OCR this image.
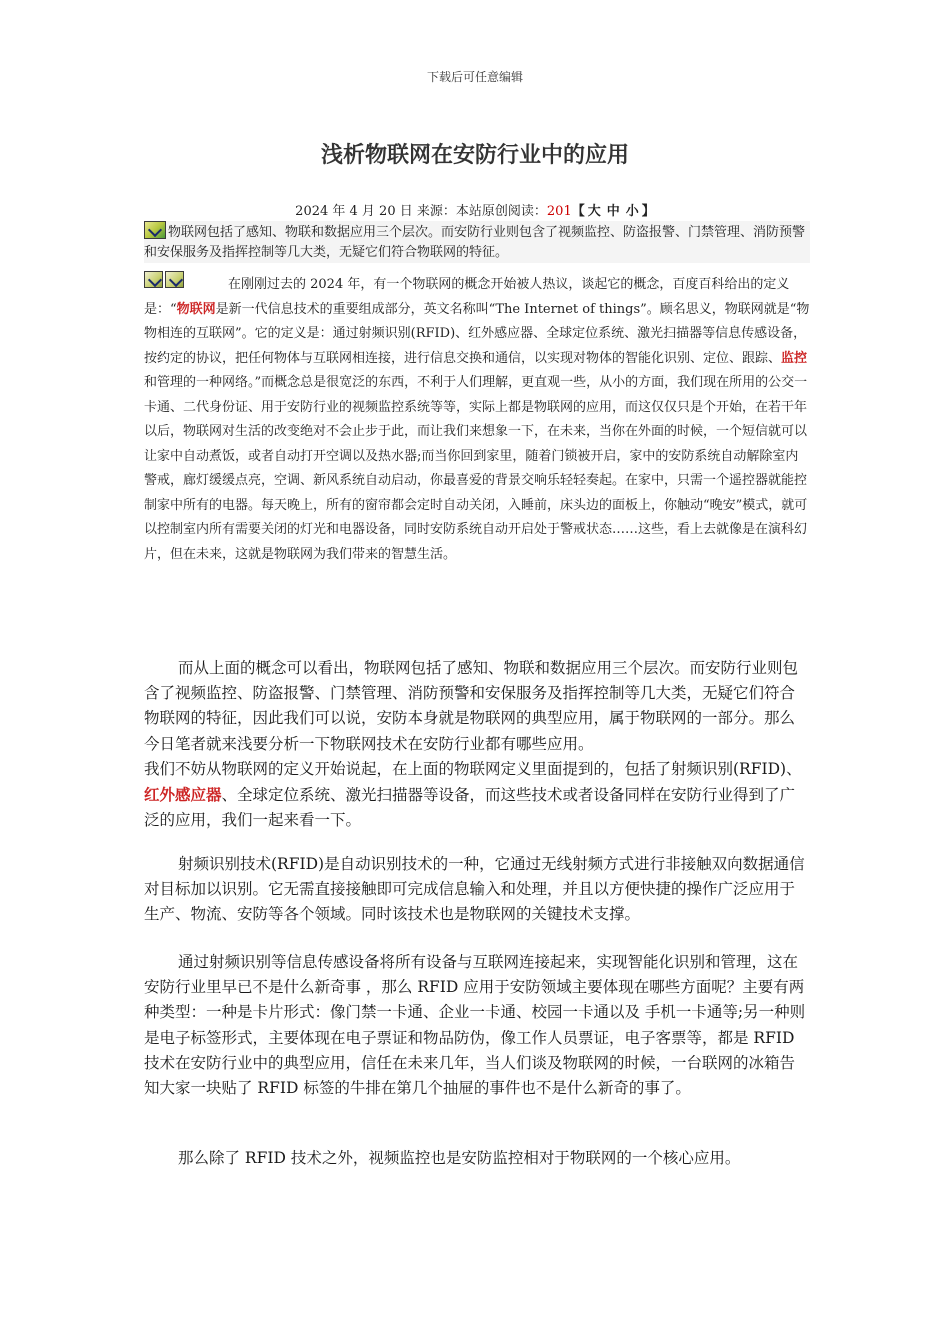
下载后可任意编辑
浅析物联网在安防行业中的应用
2024 年 4 月 20 日 来源：本站原创阅读：201【 大 中 小 】
物联网包括了感知、物联和数据应用三个层次。而安防行业则包含了视频监控、防盗报警、门禁管理、消防预警和安保服务及指挥控制等几大类，无疑它们符合物联网的特征。

在刚刚过去的 2024 年，有一个物联网的概念开始被人热议，谈起它的概念，百度百科给出的定义是：“物联网是新一代信息技术的重要组成部分，英文名称叫“The Internet of things”。顾名思义，物联网就是“物物相连的互联网”。它的定义是：通过射频识别(RFID)、红外感应器、全球定位系统、激光扫描器等信息传感设备，按约定的协议，把任何物体与互联网相连接，进行信息交换和通信，以实现对物体的智能化识别、定位、跟踪、监控和管理的一种网络。”而概念总是很宽泛的东西，不利于人们理解，更直观一些，从小的方面，我们现在所用的公交一卡通、二代身份证、用于安防行业的视频监控系统等等，实际上都是物联网的应用，而这仅仅只是个开始，在若干年以后，物联网对生活的改变绝对不会止步于此，而让我们来想象一下，在未来，当你在外面的时候，一个短信就可以让家中自动煮饭，或者自动打开空调以及热水器;而当你回到家里，随着门锁被开启，家中的安防系统自动解除室内警戒，廊灯缓缓点亮，空调、新风系统自动启动，你最喜爱的背景交响乐轻轻奏起。在家中，只需一个遥控器就能控制家中所有的电器。每天晚上，所有的窗帘都会定时自动关闭，入睡前，床头边的面板上，你触动“晚安”模式，就可以控制室内所有需要关闭的灯光和电器设备，同时安防系统自动开启处于警戒状态……这些，看上去就像是在演科幻片，但在未来，这就是物联网为我们带来的智慧生活。

而从上面的概念可以看出，物联网包括了感知、物联和数据应用三个层次。而安防行业则包含了视频监控、防盗报警、门禁管理、消防预警和安保服务及指挥控制等几大类，无疑它们符合物联网的特征，因此我们可以说，安防本身就是物联网的典型应用，属于物联网的一部分。那么今日笔者就来浅要分析一下物联网技术在安防行业都有哪些应用。

我们不妨从物联网的定义开始说起，在上面的物联网定义里面提到的，包括了射频识别(RFID)、红外感应器、全球定位系统、激光扫描器等设备，而这些技术或者设备同样在安防行业得到了广泛的应用，我们一起来看一下。

射频识别技术(RFID)是自动识别技术的一种，它通过无线射频方式进行非接触双向数据通信对目标加以识别。它无需直接接触即可完成信息输入和处理，并且以方便快捷的操作广泛应用于生产、物流、安防等各个领域。同时该技术也是物联网的关键技术支撑。

通过射频识别等信息传感设备将所有设备与互联网连接起来，实现智能化识别和管理，这在安防行业里早已不是什么新奇事 ，那么 RFID 应用于安防领域主要体现在哪些方面呢？主要有两种类型：一种是卡片形式：像门禁一卡通、企业一卡通、校园一卡通以及 手机一卡通等;另一种则是电子标签形式，主要体现在电子票证和物品防伪，像工作人员票证，电子客票等，都是 RFID 技术在安防行业中的典型应用，信任在未来几年，当人们谈及物联网的时候，一台联网的冰箱告知大家一块贴了 RFID 标签的牛排在第几个抽屉的事件也不是什么新奇的事了。

那么除了 RFID 技术之外，视频监控也是安防监控相对于物联网的一个核心应用。
